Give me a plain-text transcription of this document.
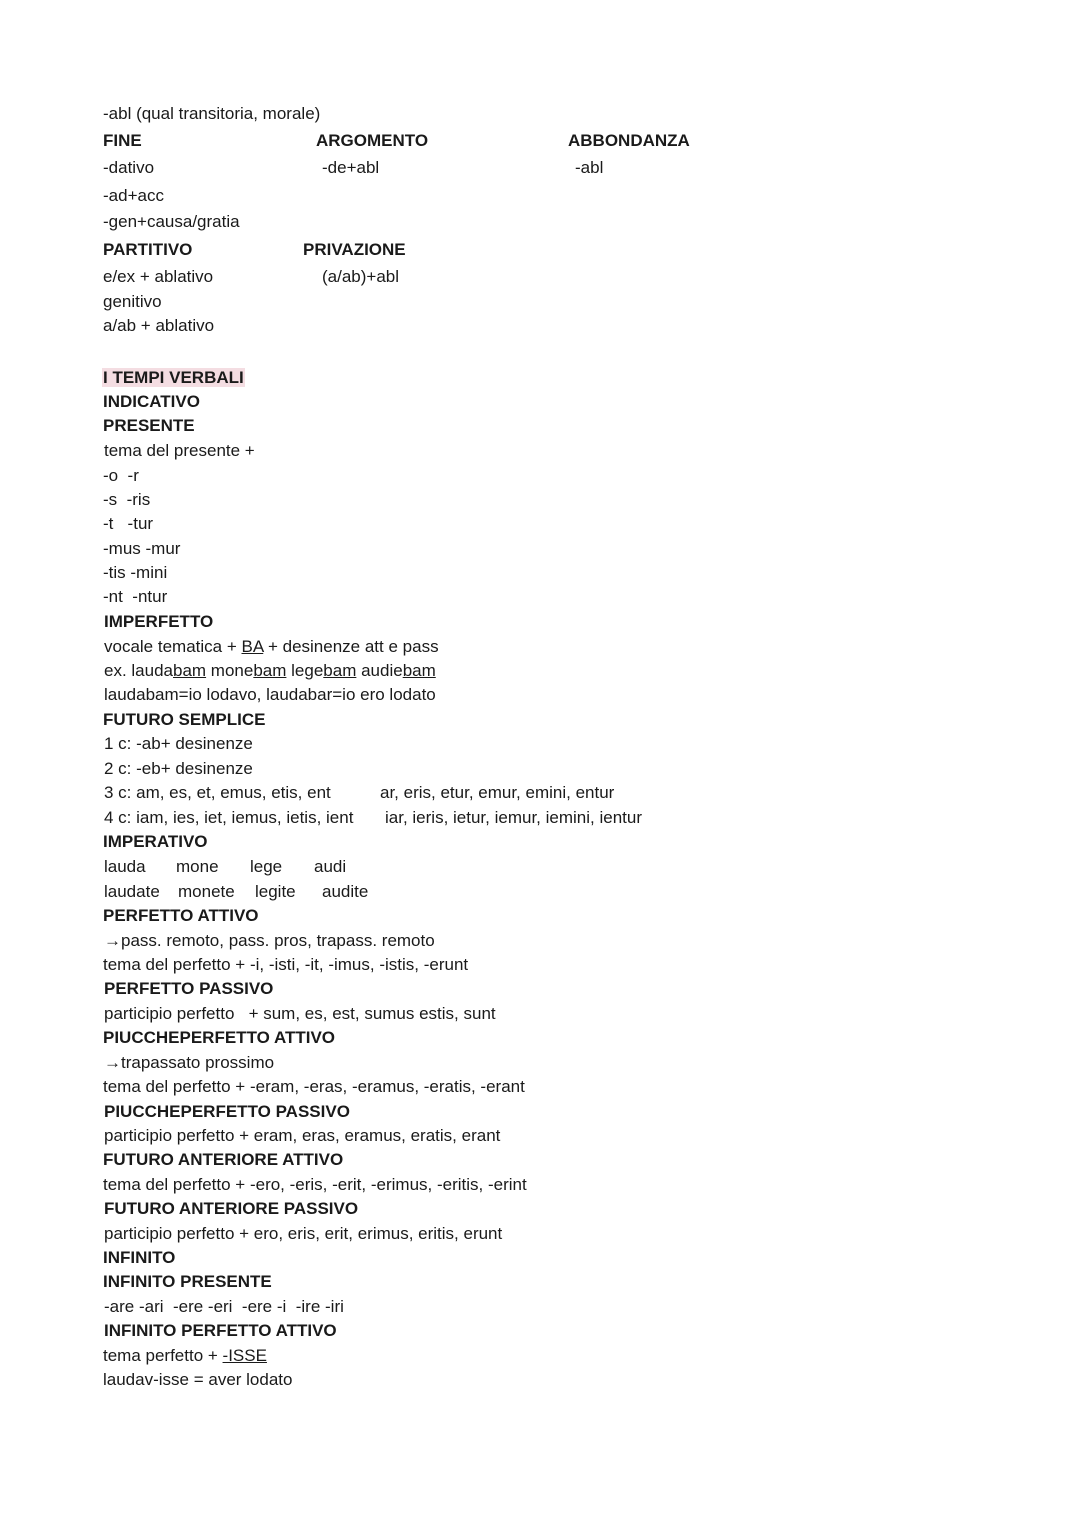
-abl (qual transitoria, morale)
FINE
-dativo
-ad+acc
-gen+causa/gratia
ARGOMENTO
-de+abl
ABBONDANZA
-abl
PARTITIVO
e/ex + ablativo
genitivo
a/ab + ablativo
PRIVAZIONE
(a/ab)+abl
I TEMPI VERBALI
INDICATIVO
PRESENTE
tema del presente +
-o  -r
-s  -ris
-t   -tur
-mus -mur
-tis -mini
-nt  -ntur
IMPERFETTO
vocale tematica + BA + desinenze att e pass
ex. laudabam monebam legebam audiebam
laudabam=io lodavo, laudabar=io ero lodato
FUTURO SEMPLICE
1 c: -ab+ desinenze
2 c: -eb+ desinenze
3 c: am, es, et, emus, etis, ent	ar, eris, etur, emur, emini, entur
4 c: iam, ies, iet, iemus, ietis, ient iar, ieris, ietur, iemur, iemini, ientur
IMPERATIVO
lauda mone lege audi
laudate monete legite audite
PERFETTO ATTIVO
→pass. remoto, pass. pros, trapass. remoto
tema del perfetto + -i, -isti, -it, -imus, -istis, -erunt
PERFETTO PASSIVO
participio perfetto   + sum, es, est, sumus estis, sunt
PIUCCHEPERFETTO ATTIVO
→trapassato prossimo
tema del perfetto + -eram, -eras, -eramus, -eratis, -erant
PIUCCHEPERFETTO PASSIVO
participio perfetto + eram, eras, eramus, eratis, erant
FUTURO ANTERIORE ATTIVO
tema del perfetto + -ero, -eris, -erit, -erimus, -eritis, -erint
FUTURO ANTERIORE PASSIVO
participio perfetto + ero, eris, erit, erimus, eritis, erunt
INFINITO
INFINITO PRESENTE
-are -ari  -ere -eri  -ere -i  -ire -iri
INFINITO PERFETTO ATTIVO
tema perfetto + -ISSE
laudav-isse = aver lodato
